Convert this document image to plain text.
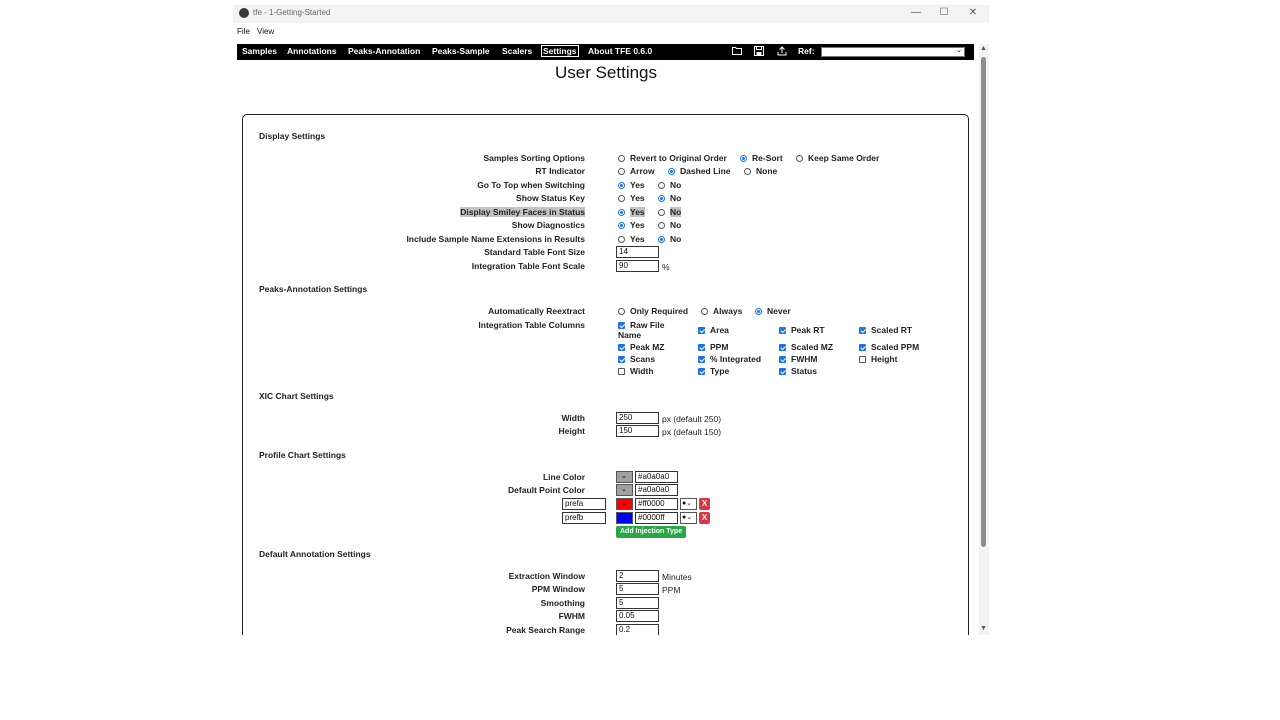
tfe - 1-Getting-Started	—	☐	✕
File View
Samples Annotations Peaks-Annotation Peaks-Sample Scalers Settings About TFE 0.6.0	Ref:	⌄	▲
▼
User Settings
Display Settings
Samples Sorting Options	Revert to Original Order	Re-Sort	Keep Same Order
RT Indicator	Arrow	Dashed Line	None
Go To Top when Switching	Yes	No
Show Status Key	Yes	No
Display Smiley Faces in Status	Yes	No
Show Diagnostics	Yes	No
Include Sample Name Extensions in Results	Yes	No
Standard Table Font Size	14
Integration Table Font Scale	90	%
Peaks-Annotation Settings
Automatically Reextract	Only Required	Always	Never
Integration Table Columns	Raw File Name	Area	Peak RT	Scaled RT
Peak MZ	PPM	Scaled MZ	Scaled PPM
Scans	% Integrated	FWHM	Height
Width	Type	Status
XIC Chart Settings
Width	250	px (default 250)
Height	150	px (default 150)
Profile Chart Settings
Line Color	⌄	#a0a0a0
Default Point Color	⌄	#a0a0a0
prefa	⌄	#ff0000	●⌄	X
prefb	⌄	#0000ff	●⌄	X
Add Injection Type
Default Annotation Settings
Extraction Window	2	Minutes
PPM Window	5	PPM
Smoothing	5
FWHM	0.05
Peak Search Range	0.2
